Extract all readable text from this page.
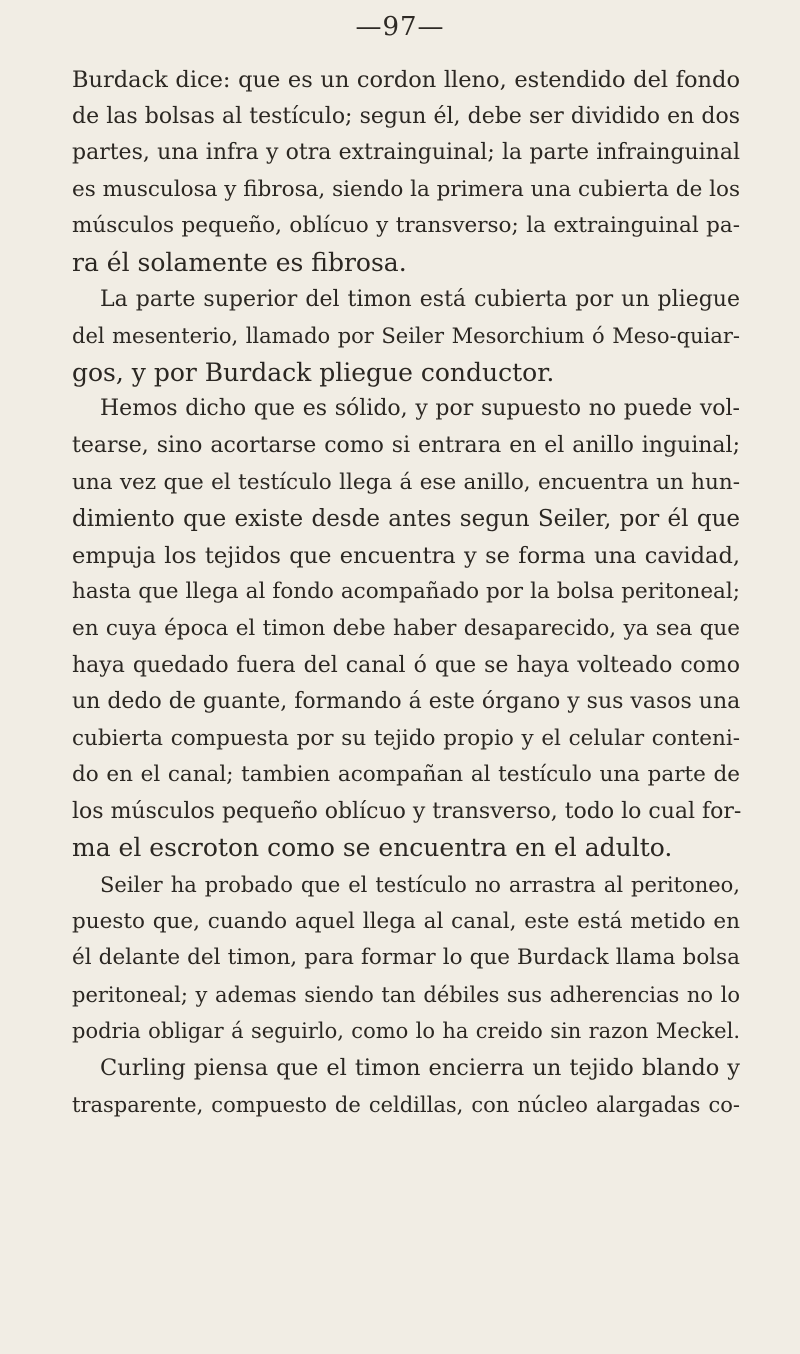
—97—
Burdack dice: que es un cordon lleno, estendido del fondo
de las bolsas al testículo; segun él, debe ser dividido en dos
partes, una infra y otra extrainguinal; la parte infrainguinal
es musculosa y fibrosa, siendo la primera una cubierta de los
músculos pequeño, oblícuo y transverso; la extrainguinal pa-
ra él solamente es fibrosa.
La parte superior del timon está cubierta por un pliegue
del mesenterio, llamado por Seiler Mesorchium ó Meso-quiar-
gos, y por Burdack pliegue conductor.
Hemos dicho que es sólido, y por supuesto no puede vol-
tearse, sino acortarse como si entrara en el anillo inguinal;
una vez que el testículo llega á ese anillo, encuentra un hun-
dimiento que existe desde antes segun Seiler, por él que
empuja los tejidos que encuentra y se forma una cavidad,
hasta que llega al fondo acompañado por la bolsa peritoneal;
en cuya época el timon debe haber desaparecido, ya sea que
haya quedado fuera del canal ó que se haya volteado como
un dedo de guante, formando á este órgano y sus vasos una
cubierta compuesta por su tejido propio y el celular conteni-
do en el canal; tambien acompañan al testículo una parte de
los músculos pequeño oblícuo y transverso, todo lo cual for-
ma el escroton como se encuentra en el adulto.
Seiler ha probado que el testículo no arrastra al peritoneo,
puesto que, cuando aquel llega al canal, este está metido en
él delante del timon, para formar lo que Burdack llama bolsa
peritoneal; y ademas siendo tan débiles sus adherencias no lo
podria obligar á seguirlo, como lo ha creido sin razon Meckel.
Curling piensa que el timon encierra un tejido blando y
trasparente, compuesto de celdillas, con núcleo alargadas co-
